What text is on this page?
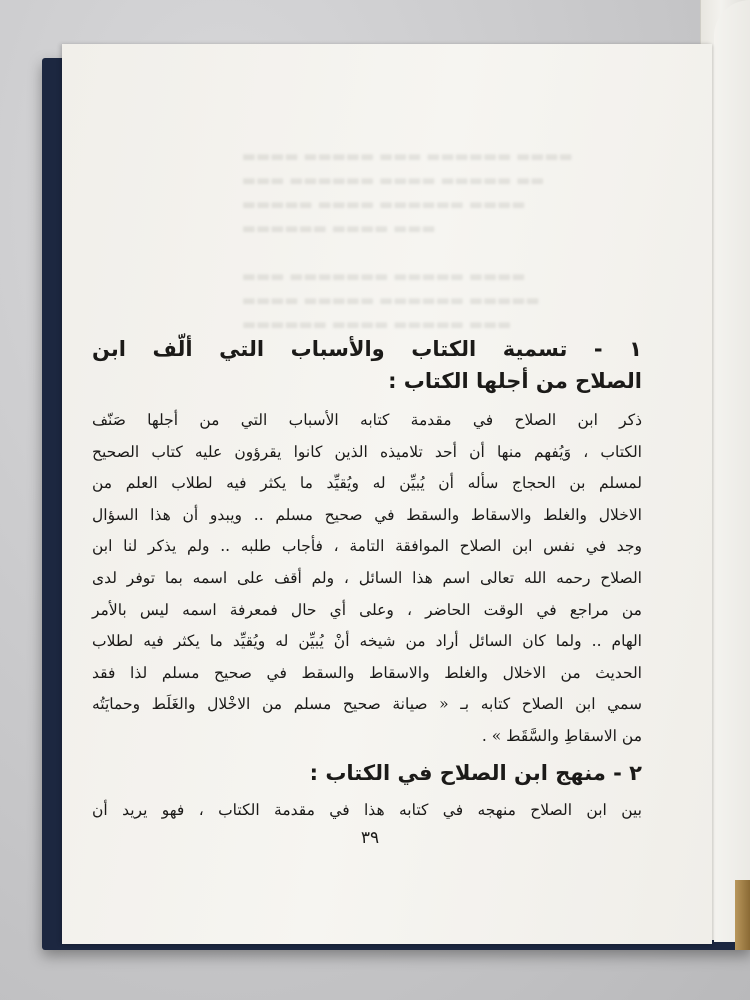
▬▬▬▬ ▬▬▬▬▬ ▬▬▬ ▬▬▬▬▬▬ ▬▬▬▬
▬▬▬ ▬▬▬▬▬▬ ▬▬▬▬ ▬▬▬▬▬ ▬▬
▬▬▬▬▬ ▬▬▬▬ ▬▬▬▬▬▬ ▬▬▬▬
▬▬▬▬▬▬ ▬▬▬▬ ▬▬▬

▬▬▬ ▬▬▬▬▬▬▬ ▬▬▬▬▬ ▬▬▬▬
▬▬▬▬ ▬▬▬▬▬ ▬▬▬▬▬▬ ▬▬▬▬▬
▬▬▬▬▬▬ ▬▬▬▬ ▬▬▬▬▬ ▬▬▬
١ - تسمية الكتاب والأسباب التي ألّف ابن
الصلاح من أجلها الكتاب :

ذكر ابن الصلاح في مقدمة كتابه الأسباب التي من أجلها صَنّف
الكتاب ، وَيُفهم منها أن أحد تلاميذه الذين كانوا يقرؤون عليه كتاب الصحيح
لمسلم بن الحجاج سأله أن يُبيِّن له ويُقيِّد ما يكثر فيه لطلاب العلم من
الاخلال والغلط والاسقاط والسقط في صحيح مسلم .. ويبدو أن هذا السؤال
وجد في نفس ابن الصلاح الموافقة التامة ، فأجاب طلبه .. ولم يذكر لنا ابن
الصلاح رحمه الله تعالى اسم هذا السائل ، ولم أقف على اسمه بما توفر لدى
من مراجع في الوقت الحاضر ، وعلى أي حال فمعرفة اسمه ليس بالأمر
الهام .. ولما كان السائل أراد من شيخه أنْ يُبيِّن له ويُقيِّد ما يكثر فيه لطلاب
الحديث من الاخلال والغلط والاسقاط والسقط في صحيح مسلم لذا فقد
سمي ابن الصلاح كتابه بـ « صيانة صحيح مسلم من الاخْلال والغَلَط وحمايَتُه
من الاسقاطِ والسَّقَط » .

٢ - منهج ابن الصلاح في الكتاب :

بين ابن الصلاح منهجه في كتابه هذا في مقدمة الكتاب ، فهو يريد أن

٣٩
